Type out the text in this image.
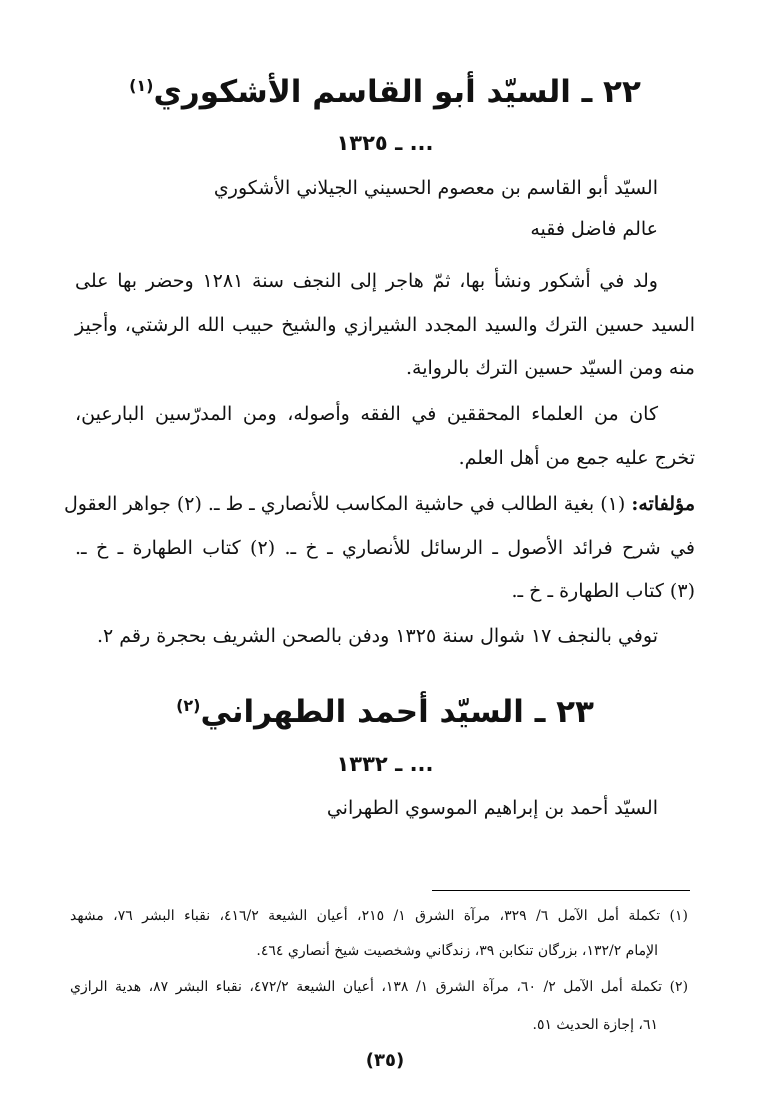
٢٢ ـ السيّد أبو القاسم الأشكوري$^{(١)}$
... ـ ١٣٢٥
السيّد أبو القاسم بن معصوم الحسيني الجيلاني الأشكوري
عالم فاضل فقيه
ولد في أشكور ونشأ بها، ثمّ هاجر إلى النجف سنة ١٢٨١ وحضر بها على
السيد حسين الترك والسيد المجدد الشيرازي والشيخ حبيب الله الرشتي، وأجيز
منه ومن السيّد حسين الترك بالرواية.
كان من العلماء المحققين في الفقه وأصوله، ومن المدرّسين البارعين،
تخرج عليه جمع من أهل العلم.
مؤلفاته: (١) بغية الطالب في حاشية المكاسب للأنصاري ـ ط ـ. (٢) جواهر العقول
في شرح فرائد الأصول ـ الرسائل للأنصاري ـ خ ـ. (٢) كتاب الطهارة ـ خ ـ.
(٣) كتاب الطهارة ـ خ ـ.
توفي بالنجف ١٧ شوال سنة ١٣٢٥ ودفن بالصحن الشريف بحجرة رقم ٢.
٢٣ ـ السيّد أحمد الطهراني$^{(٢)}$
... ـ ١٣٣٢
السيّد أحمد بن إبراهيم الموسوي الطهراني
(١) تكملة أمل الآمل ٦/ ٣٢٩، مرآة الشرق ١/ ٢١٥، أعيان الشيعة ٤١٦/٢، نقباء البشر ٧٦، مشهد
الإمام ١٣٢/٢، بزرگان تنكابن ٣٩، زندگاني وشخصيت شيخ أنصاري ٤٦٤.
(٢) تكملة أمل الآمل ٢/ ٦٠، مرآة الشرق ١/ ١٣٨، أعيان الشيعة ٤٧٢/٢، نقباء البشر ٨٧، هدية الرازي
٦١، إجازة الحديث ٥١.
(٣٥)
